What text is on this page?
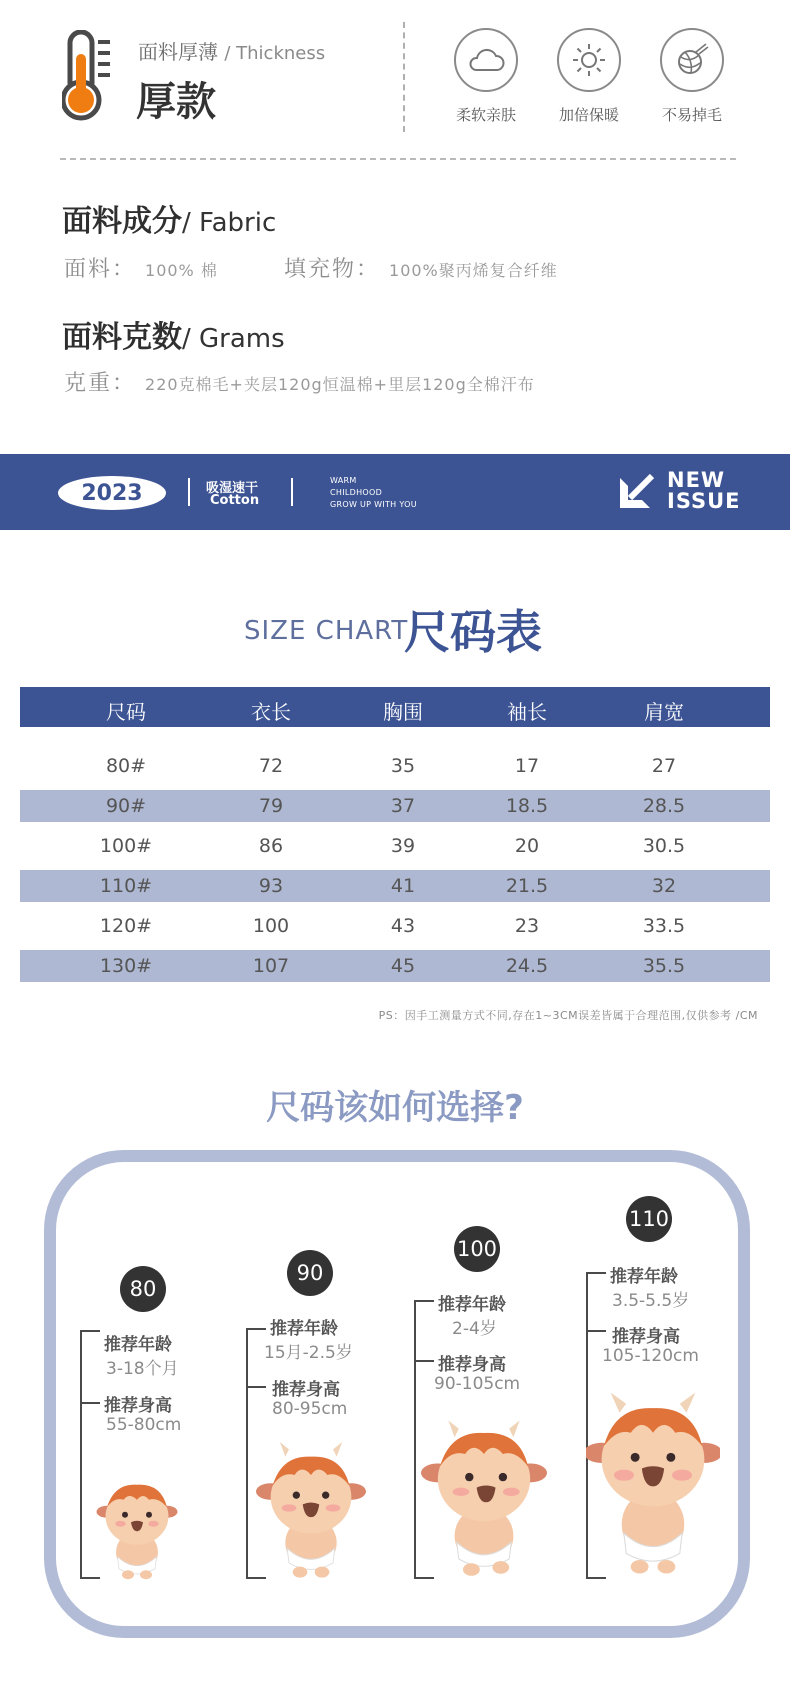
面料厚薄 / Thickness
厚款	柔软亲肤	加倍保暖	不易掉毛
面料成分/ Fabric
面料： 100% 棉	填充物： 100%聚丙烯复合纤维
面料克数/ Grams
克重： 220克棉毛+夹层120g恒温棉+里层120g全棉汗布
2023	吸湿速干
Cotton
WARM
CHILDHOOD
GROW UP WITH YOU
NEW
ISSUE
SIZE CHART
尺码表
尺码	衣长	胸围	袖长	肩宽
80#	72	35	17	27
90#	79	37	18.5	28.5
100#	86	39	20	30.5
110#	93	41	21.5	32
120#	100	43	23	33.5
130#	107	45	24.5	35.5
PS：因手工测量方式不同,存在1~3CM误差皆属于合理范围,仅供参考 /CM
尺码该如何选择?
80
推荐年龄
3-18个月
推荐身高
55-80cm
90
推荐年龄
15月-2.5岁
推荐身高
80-95cm
100
推荐年龄
2-4岁
推荐身高
90-105cm
110
推荐年龄
3.5-5.5岁
推荐身高
105-120cm
